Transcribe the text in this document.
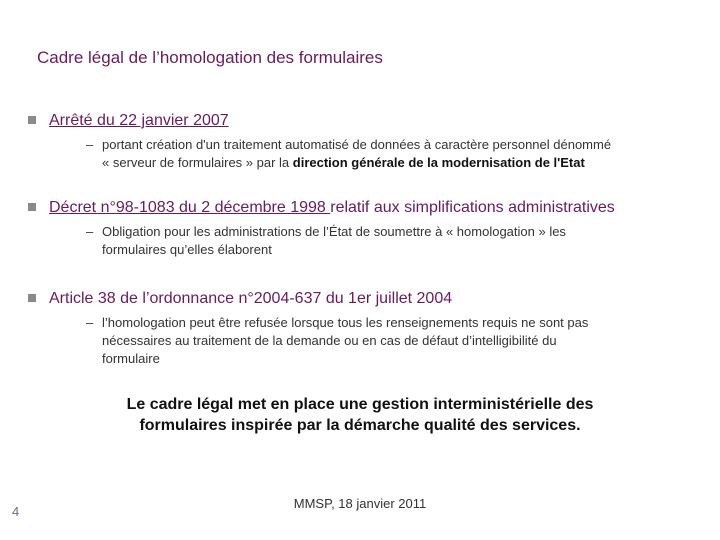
Cadre légal de l’homologation des formulaires
Arrêté du 22 janvier 2007
– portant création d'un traitement automatisé de données à caractère personnel dénommé
« serveur de formulaires » par la direction générale de la modernisation de l'Etat
Décret n°98-1083 du 2 décembre 1998 relatif aux simplifications administratives
– Obligation pour les administrations de l’État de soumettre à « homologation » les
formulaires qu’elles élaborent
Article 38 de l’ordonnance n°2004-637 du 1er juillet 2004
– l’homologation peut être refusée lorsque tous les renseignements requis ne sont pas
nécessaires au traitement de la demande ou en cas de défaut d’intelligibilité du
formulaire
Le cadre légal met en place une gestion interministérielle des
formulaires inspirée par la démarche qualité des services.
4
MMSP, 18 janvier 2011
